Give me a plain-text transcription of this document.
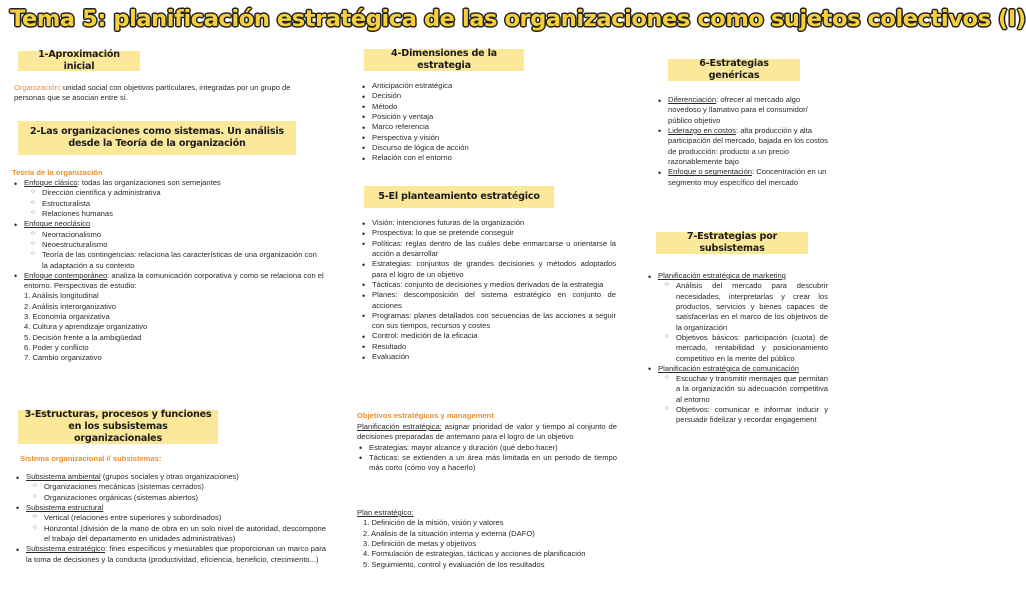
Tema 5: planificación estratégica de las organizaciones como sujetos colectivos (I)
1-Aproximación inicial
Organización: unidad social con objetivos particulares, integradas por un grupo de personas que se asocian entre sí.
2-Las organizaciones como sistemas. Un análisis desde la Teoría de la organización
Teoría de la organización
• Enfoque clásico: todas las organizaciones son semejantes
○ Dirección científica y administrativa
○ Estructuralista
○ Relaciones humanas
• Enfoque neoclásico
○ Neorracionalismo
○ Neoestructuralismo
○ Teoría de las contingencias: relaciona las características de una organización con la adaptación a su contexto
• Enfoque contemporáneo: analiza la comunicación corporativa y como se relaciona con el entorno. Perspectivas de estudio:
1. Análisis longitudinal
2. Análisis interorganizativo
3. Economía organizativa
4. Cultura y aprendizaje organizativo
5. Decisión frente a la ambigüedad
6. Poder y conflicto
7. Cambio organizativo
3-Estructuras, procesos y funciones en los subsistemas organizacionales
Sistema organizacional // subsistemas:
• Subsistema ambiental (grupos sociales y otras organizaciones)
○ Organizaciones mecánicas (sistemas cerrados)
○ Organizaciones orgánicas (sistemas abiertos)
• Subsistema estructural
○ Vertical (relaciones entre superiores y subordinados)
○ Horizontal (división de la mano de obra en un solo nivel de autoridad, descompone el trabajo del departamento en unidades administrativas)
• Subsistema estratégico: fines específicos y mesurables que proporcionan un marco para la toma de decisiones y la conducta (productividad, eficiencia, beneficio, crecimiento...)
4-Dimensiones de la estrategia
• Anticipación estratégica
• Decisión
• Método
• Posición y ventaja
• Marco referencia
• Perspectiva y visión
• Discurso de lógica de acción
• Relación con el entorno
5-El planteamiento estratégico
• Visión: intenciones futuras de la organización
• Prospectiva: lo que se pretende conseguir
• Políticas: reglas dentro de las cuáles debe enmarcarse u orientarse la acción a desarrollar
• Estrategias: conjuntos de grandes decisiones y métodos adoptados para el logro de un objetivo
• Tácticas: conjunto de decisiones y medios derivados de la estrategia
• Planes: descomposición del sistema estratégico en conjunto de acciones
• Programas: planes detallados con secuencias de las acciones a seguir con sus tiempos, recursos y costes
• Control: medición de la eficacia
• Resultado
• Evaluación
Objetivos estratégicos y management
Planificación estratégica: asignar prioridad de valor y tiempo al conjunto de decisiones preparadas de antemano para el logro de un objetivo
• Estrategias: mayor alcance y duración (qué debo hacer)
• Tácticas: se extienden a un área más limitada en un periodo de tiempo más corto (cómo voy a hacerlo)
Plan estratégico:
1. Definición de la misión, visión y valores
2. Análisis de la situación interna y externa (DAFO)
3. Definición de metas y objetivos
4. Formulación de estrategias, tácticas y acciones de planificación
5. Seguimiento, control y evaluación de los resultados
6-Estrategias genéricas
• Diferenciación: ofrecer al mercado algo novedoso y llamativo para el consumidor/ público objetivo
• Liderazgo en costos: alta producción y alta participación del mercado, bajada en los costos de producción: producto a un precio razonablemente bajo
• Enfoque o segmentación: Concentración en un segmento muy específico del mercado
7-Estrategias por subsistemas
• Planificación estratégica de marketing
○ Análisis del mercado para descubrir necesidades, interpretarlas y crear los productos, servicios y bienes capaces de satisfacerlas en el marco de los objetivos de la organización
○ Objetivos básicos: participación (cuota) de mercado, rentabilidad y posicionamiento competitivo en la mente del público
• Planificación estratégica de comunicación
○ Escuchar y transmitir mensajes que permitan a la organización su adecuación competitiva al entorno
○ Objetivos: comunicar e informar inducir y persuadir fidelizar y recordar engagement
